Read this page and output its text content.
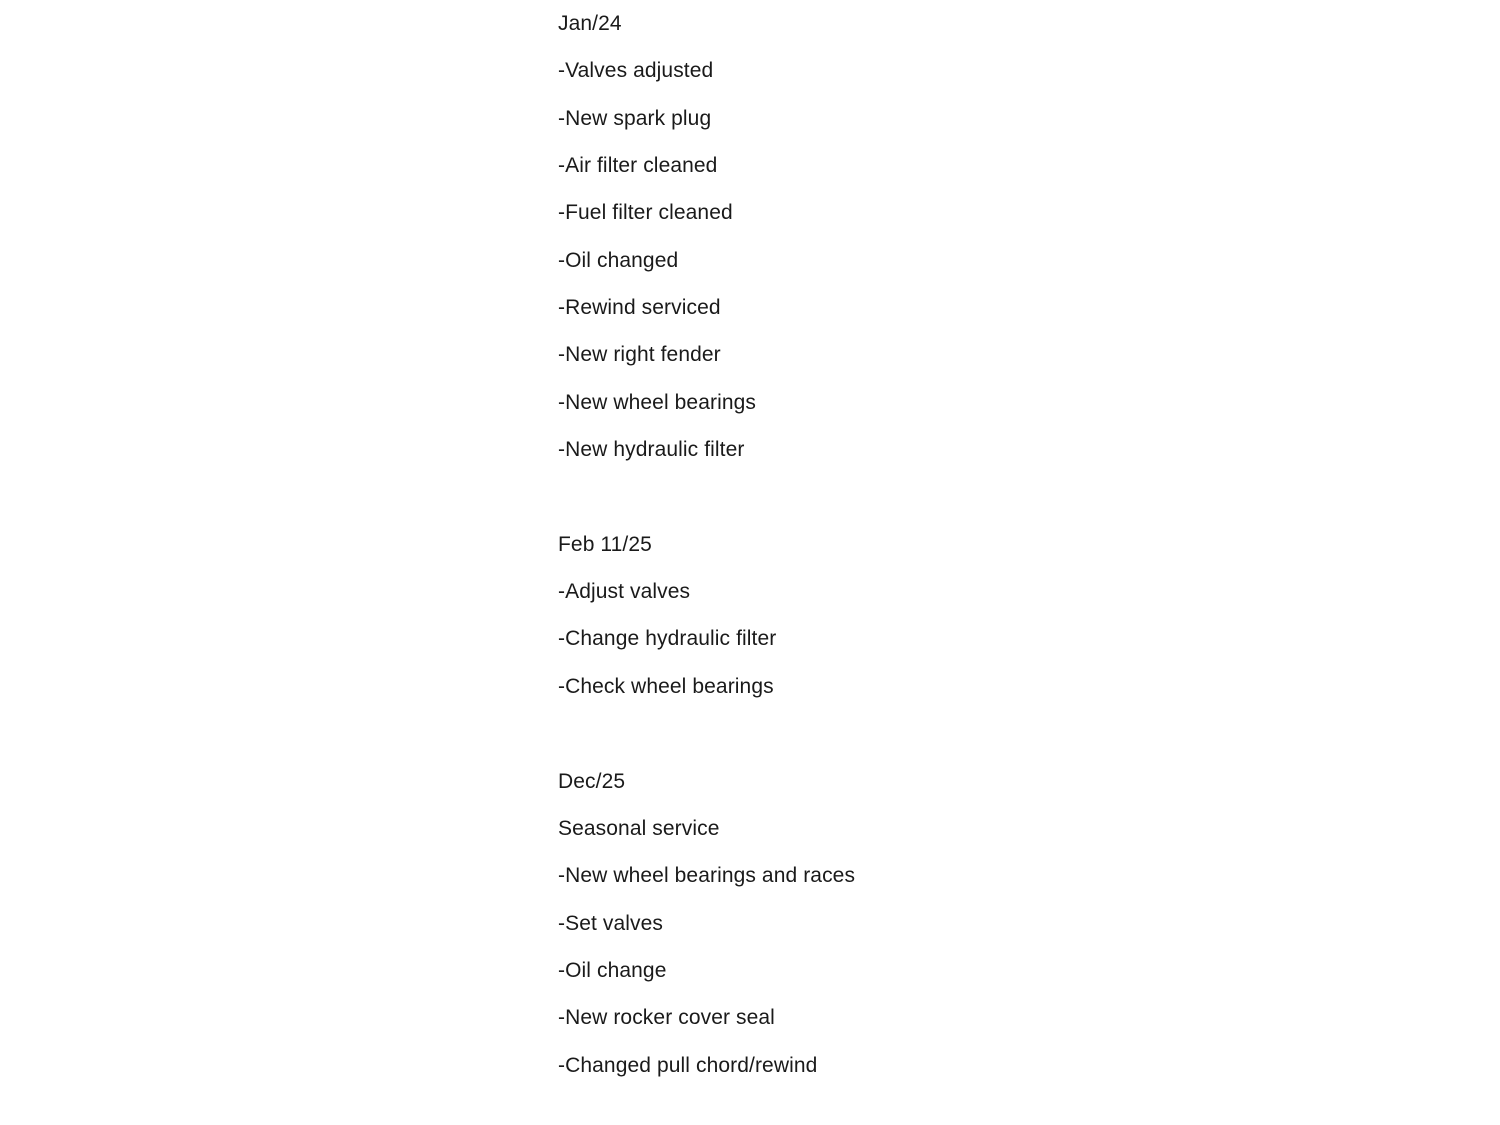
Jan/24
-Valves adjusted
-New spark plug
-Air filter cleaned
-Fuel filter cleaned
-Oil changed
-Rewind serviced
-New right fender
-New wheel bearings
-New hydraulic filter
Feb 11/25
-Adjust valves
-Change hydraulic filter
-Check wheel bearings
Dec/25
Seasonal service
-New wheel bearings and races
-Set valves
-Oil change
-New rocker cover seal
-Changed pull chord/rewind
